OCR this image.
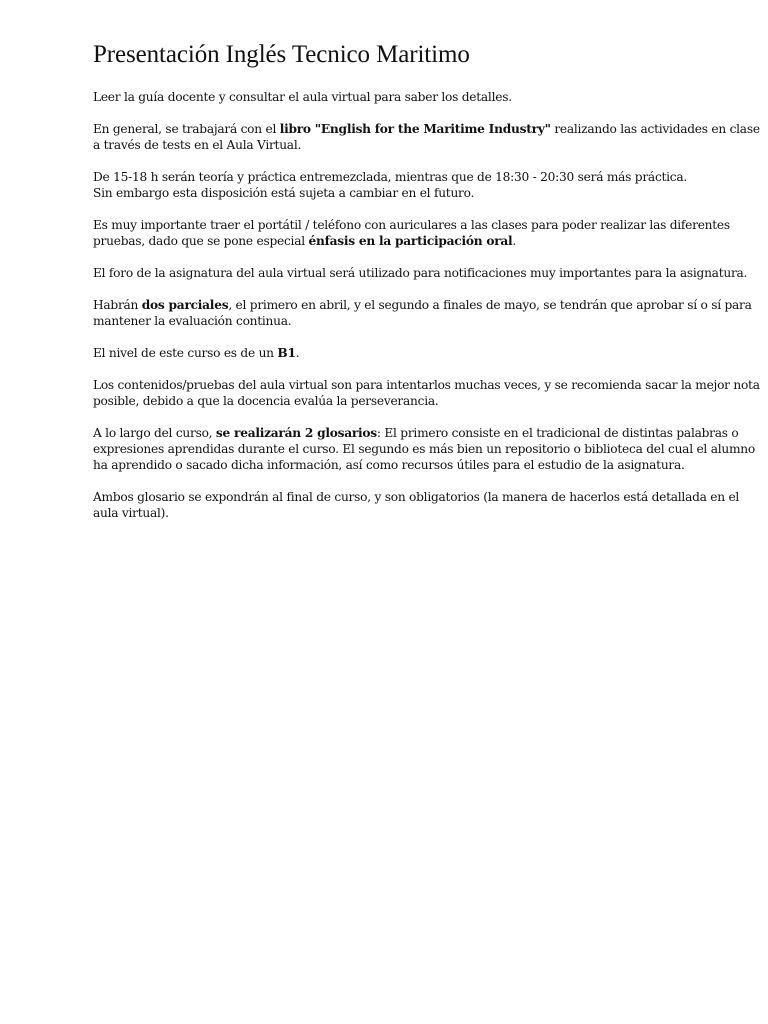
Presentación Inglés Tecnico Maritimo

Leer la guía docente y consultar el aula virtual para saber los detalles.

En general, se trabajará con el libro "English for the Maritime Industry" realizando las actividades en clase a través de tests en el Aula Virtual.

De 15-18 h serán teoría y práctica entremezclada, mientras que de 18:30 - 20:30 será más práctica.
Sin embargo esta disposición está sujeta a cambiar en el futuro.

Es muy importante traer el portátil / teléfono con auriculares a las clases para poder realizar las diferentes pruebas, dado que se pone especial énfasis en la participación oral.

El foro de la asignatura del aula virtual será utilizado para notificaciones muy importantes para la asignatura.

Habrán dos parciales, el primero en abril, y el segundo a finales de mayo, se tendrán que aprobar sí o sí para mantener la evaluación continua.

El nivel de este curso es de un B1.

Los contenidos/pruebas del aula virtual son para intentarlos muchas veces, y se recomienda sacar la mejor nota posible, debido a que la docencia evalúa la perseverancia.

A lo largo del curso, se realizarán 2 glosarios: El primero consiste en el tradicional de distintas palabras o expresiones aprendidas durante el curso. El segundo es más bien un repositorio o biblioteca del cual el alumno ha aprendido o sacado dicha información, así como recursos útiles para el estudio de la asignatura.

Ambos glosario se expondrán al final de curso, y son obligatorios (la manera de hacerlos está detallada en el aula virtual).
